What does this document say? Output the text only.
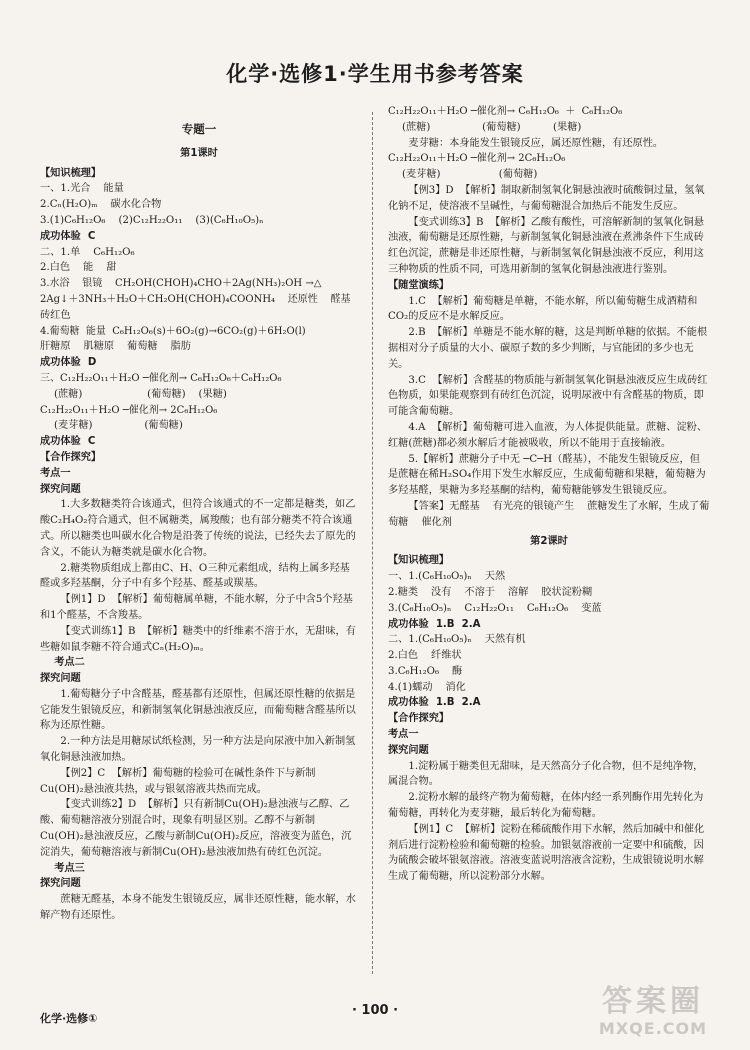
化学·选修1·学生用书参考答案

专题一

第1课时

【知识梳理】

一、1.光合    能量

2.Cₙ(H₂O)ₘ    碳水化合物

3.(1)C₆H₁₂O₆    (2)C₁₂H₂₂O₁₁    (3)(C₆H₁₀O₅)ₙ

成功体验  C

二、1.单    C₆H₁₂O₆

2.白色    能    甜

3.水浴    银镜    CH₂OH(CHOH)₄CHO＋2Ag(NH₃)₂OH →△

2Ag↓＋3NH₃＋H₂O＋CH₂OH(CHOH)₄COONH₄    还原性    醛基

砖红色

4.葡萄糖  能量  C₆H₁₂O₆(s)＋6O₂(g)→6CO₂(g)＋6H₂O(l)

肝糖原    肌糖原    葡萄糖    脂肪

成功体验  D

三、C₁₂H₂₂O₁₁＋H₂O ─催化剂→ C₆H₁₂O₆＋C₆H₁₂O₆

(蔗糖)                    (葡萄糖)    (果糖)

C₁₂H₂₂O₁₁＋H₂O ─催化剂→ 2C₆H₁₂O₆

(麦芽糖)                (葡萄糖)

成功体验  C

【合作探究】

考点一

探究问题

1.大多数糖类符合该通式，但符合该通式的不一定都是糖类，如乙酸C₂H₄O₂符合通式，但不属糖类，属羧酸；也有部分糖类不符合该通式。所以糖类也叫碳水化合物是沿袭了传统的说法，已经失去了原先的含义，不能认为糖类就是碳水化合物。

2.糖类物质组成上都由C、H、O三种元素组成，结构上属多羟基醛或多羟基酮，分子中有多个羟基、醛基或羰基。

【例1】D  【解析】葡萄糖属单糖，不能水解，分子中含5个羟基和1个醛基，不含羧基。

【变式训练1】B  【解析】糖类中的纤维素不溶于水，无甜味，有些糖如鼠李糖不符合通式Cₙ(H₂O)ₘ。

考点二

探究问题

1.葡萄糖分子中含醛基，醛基都有还原性，但属还原性糖的依据是它能发生银镜反应，和新制氢氧化铜悬浊液反应，而葡萄糖含醛基所以称为还原性糖。

2.一种方法是用糖尿试纸检测，另一种方法是向尿液中加入新制氢氧化铜悬浊液加热。

【例2】C  【解析】葡萄糖的检验可在碱性条件下与新制Cu(OH)₂悬浊液共热，或与银氨溶液共热而完成。

【变式训练2】D  【解析】只有新制Cu(OH)₂悬浊液与乙醇、乙酸、葡萄糖溶液分别混合时，现象有明显区别。乙醇不与新制Cu(OH)₂悬浊液反应，乙酸与新制Cu(OH)₂反应，溶液变为蓝色，沉淀消失，葡萄糖溶液与新制Cu(OH)₂悬浊液加热有砖红色沉淀。

考点三

探究问题

蔗糖无醛基，本身不能发生银镜反应，属非还原性糖，能水解，水解产物有还原性。

C₁₂H₂₂O₁₁＋H₂O ─催化剂→ C₆H₁₂O₆  ＋  C₆H₁₂O₆

(蔗糖)                (葡萄糖)          (果糖)

麦芽糖：本身能发生银镜反应，属还原性糖，有还原性。

C₁₂H₂₂O₁₁＋H₂O ─催化剂→ 2C₆H₁₂O₆

(麦芽糖)                  (葡萄糖)

【例3】D  【解析】制取新制氢氧化铜悬浊液时硫酸铜过量，氢氧化钠不足，使溶液不呈碱性，与葡萄糖混合加热后不能发生反应。

【变式训练3】B  【解析】乙酸有酸性，可溶解新制的氢氧化铜悬浊液，葡萄糖是还原性糖，与新制氢氧化铜悬浊液在煮沸条件下生成砖红色沉淀，蔗糖是非还原性糖，与新制氢氧化铜悬浊液不反应，利用这三种物质的性质不同，可选用新制的氢氧化铜悬浊液进行鉴别。

【随堂演练】

1.C  【解析】葡萄糖是单糖，不能水解，所以葡萄糖生成酒精和CO₂的反应不是水解反应。

2.B  【解析】单糖是不能水解的糖，这是判断单糖的依据。不能根据相对分子质量的大小、碳原子数的多少判断，与官能团的多少也无关。

3.C  【解析】含醛基的物质能与新制氢氧化铜悬浊液反应生成砖红色物质，如果能观察到有砖红色沉淀，说明尿液中有含醛基的物质，即可能含葡萄糖。

4.A  【解析】葡萄糖可进入血液，为人体提供能量。蔗糖、淀粉、红糖(蔗糖)都必须水解后才能被吸收，所以不能用于直接输液。

5.【解析】蔗糖分子中无 ─C─H（醛基），不能发生银镜反应，但是蔗糖在稀H₂SO₄作用下发生水解反应，生成葡萄糖和果糖，葡萄糖为多羟基醛，果糖为多羟基酮的结构，葡萄糖能够发生银镜反应。

【答案】无醛基    有光亮的银镜产生    蔗糖发生了水解，生成了葡萄糖    催化剂

第2课时

【知识梳理】

一、1.(C₆H₁₀O₅)ₙ    天然

2.糖类    没有    不溶于    溶解    胶状淀粉糊

3.(C₆H₁₀O₅)ₙ    C₁₂H₂₂O₁₁    C₆H₁₂O₆    变蓝

成功体验  1.B  2.A

二、1.(C₆H₁₀O₅)ₙ    天然有机

2.白色    纤维状

3.C₆H₁₂O₆    酶

4.(1)蠕动    消化

成功体验  1.B  2.A

【合作探究】

考点一

探究问题

1.淀粉属于糖类但无甜味，是天然高分子化合物，但不是纯净物，属混合物。

2.淀粉水解的最终产物为葡萄糖，在体内经一系列酶作用先转化为葡萄糖，再转化为麦芽糖，最后转化为葡萄糖。

【例1】C  【解析】淀粉在稀硫酸作用下水解，然后加碱中和催化剂后进行淀粉检验和葡萄糖的检验。加银氨溶液前一定要中和硫酸，因为硫酸会破坏银氨溶液。溶液变蓝说明溶液含淀粉，生成银镜说明水解生成了葡萄糖，所以淀粉部分水解。

化学·选修①
· 100 ·	答案圈
MXQE.COM
